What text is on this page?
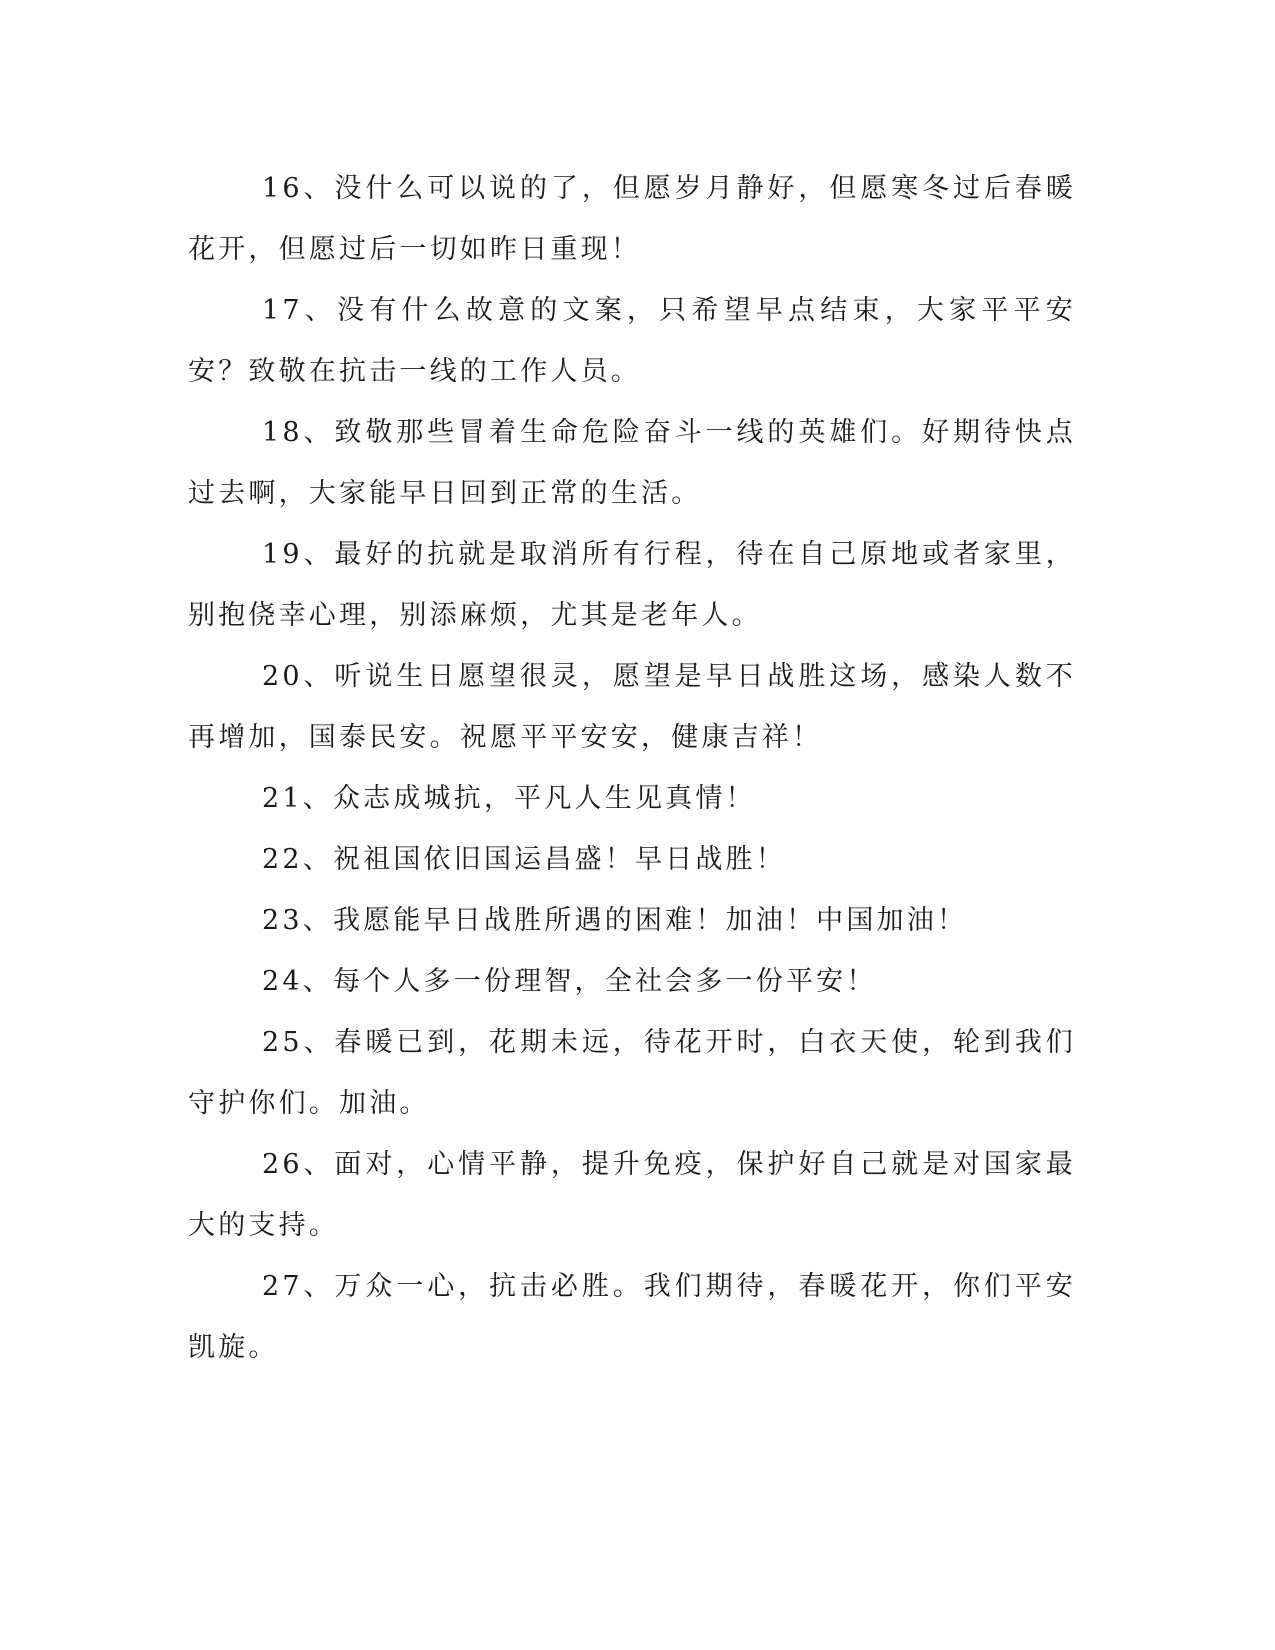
16、没什么可以说的了，但愿岁月静好，但愿寒冬过后春暖花开，但愿过后一切如昨日重现！

17、没有什么故意的文案，只希望早点结束，大家平平安安？致敬在抗击一线的工作人员。

18、致敬那些冒着生命危险奋斗一线的英雄们。好期待快点过去啊，大家能早日回到正常的生活。

19、最好的抗就是取消所有行程，待在自己原地或者家里，别抱侥幸心理，别添麻烦，尤其是老年人。

20、听说生日愿望很灵，愿望是早日战胜这场，感染人数不再增加，国泰民安。祝愿平平安安，健康吉祥！

21、众志成城抗，平凡人生见真情！

22、祝祖国依旧国运昌盛！早日战胜！

23、我愿能早日战胜所遇的困难！加油！中国加油！

24、每个人多一份理智，全社会多一份平安！

25、春暖已到，花期未远，待花开时，白衣天使，轮到我们守护你们。加油。

26、面对，心情平静，提升免疫，保护好自己就是对国家最大的支持。

27、万众一心，抗击必胜。我们期待，春暖花开，你们平安凯旋。
